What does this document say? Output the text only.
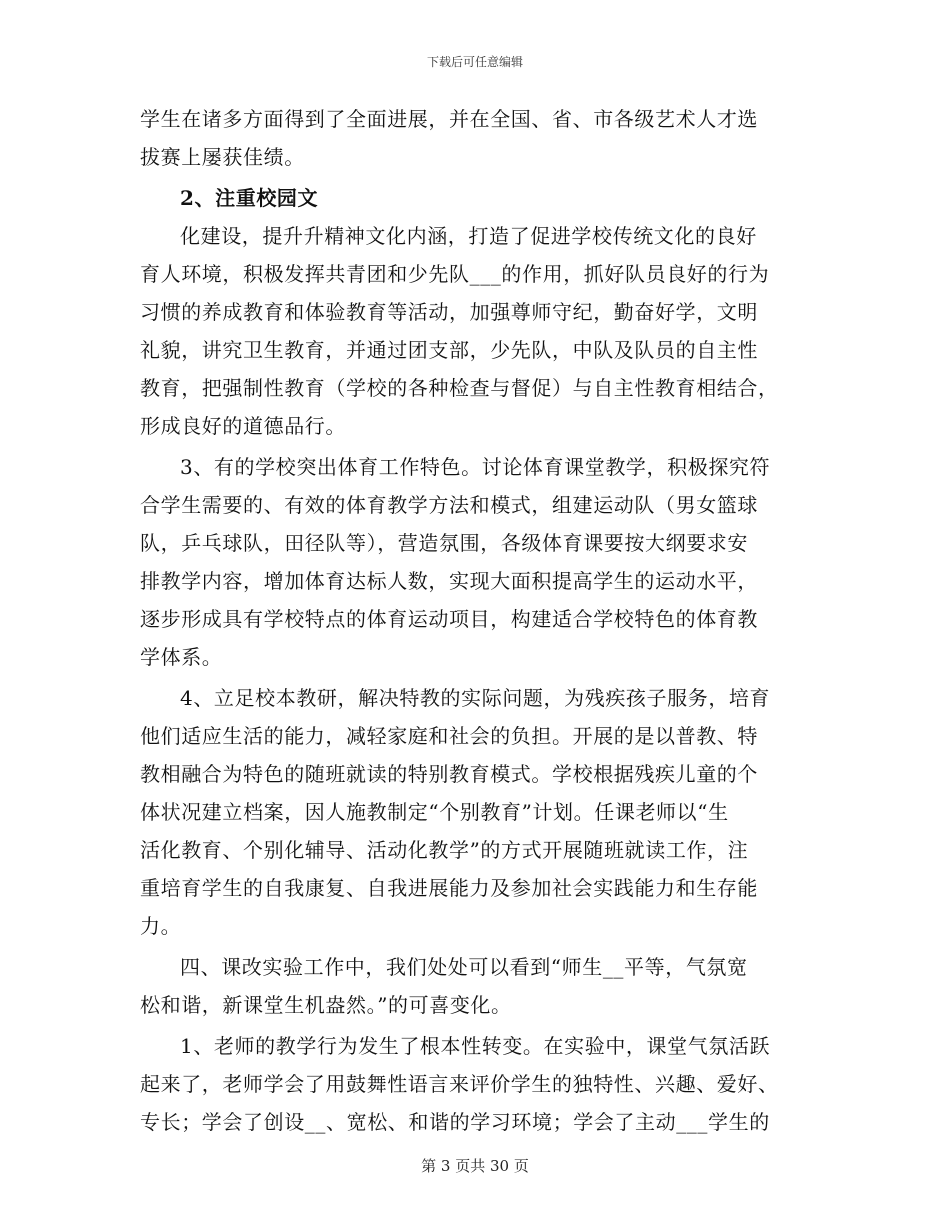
下载后可任意编辑
学生在诸多方面得到了全面进展，并在全国、省、市各级艺术人才选
拔赛上屡获佳绩。
2、注重校园文
化建设，提升升精神文化内涵，打造了促进学校传统文化的良好
育人环境，积极发挥共青团和少先队___的作用，抓好队员良好的行为
习惯的养成教育和体验教育等活动，加强尊师守纪，勤奋好学，文明
礼貌，讲究卫生教育，并通过团支部，少先队，中队及队员的自主性
教育，把强制性教育（学校的各种检查与督促）与自主性教育相结合，
形成良好的道德品行。
3、有的学校突出体育工作特色。讨论体育课堂教学，积极探究符
合学生需要的、有效的体育教学方法和模式，组建运动队（男女篮球
队，乒乓球队，田径队等），营造氛围，各级体育课要按大纲要求安
排教学内容，增加体育达标人数，实现大面积提高学生的运动水平，
逐步形成具有学校特点的体育运动项目，构建适合学校特色的体育教
学体系。
4、立足校本教研，解决特教的实际问题，为残疾孩子服务，培育
他们适应生活的能力，减轻家庭和社会的负担。开展的是以普教、特
教相融合为特色的随班就读的特别教育模式。学校根据残疾儿童的个
体状况建立档案，因人施教制定“个别教育”计划。任课老师以“生
活化教育、个别化辅导、活动化教学”的方式开展随班就读工作，注
重培育学生的自我康复、自我进展能力及参加社会实践能力和生存能
力。
四、课改实验工作中，我们处处可以看到“师生__平等，气氛宽
松和谐，新课堂生机盎然。”的可喜变化。
1、老师的教学行为发生了根本性转变。在实验中，课堂气氛活跃
起来了，老师学会了用鼓舞性语言来评价学生的独特性、兴趣、爱好、
专长；学会了创设__、宽松、和谐的学习环境；学会了主动___学生的
第 3 页共 30 页
